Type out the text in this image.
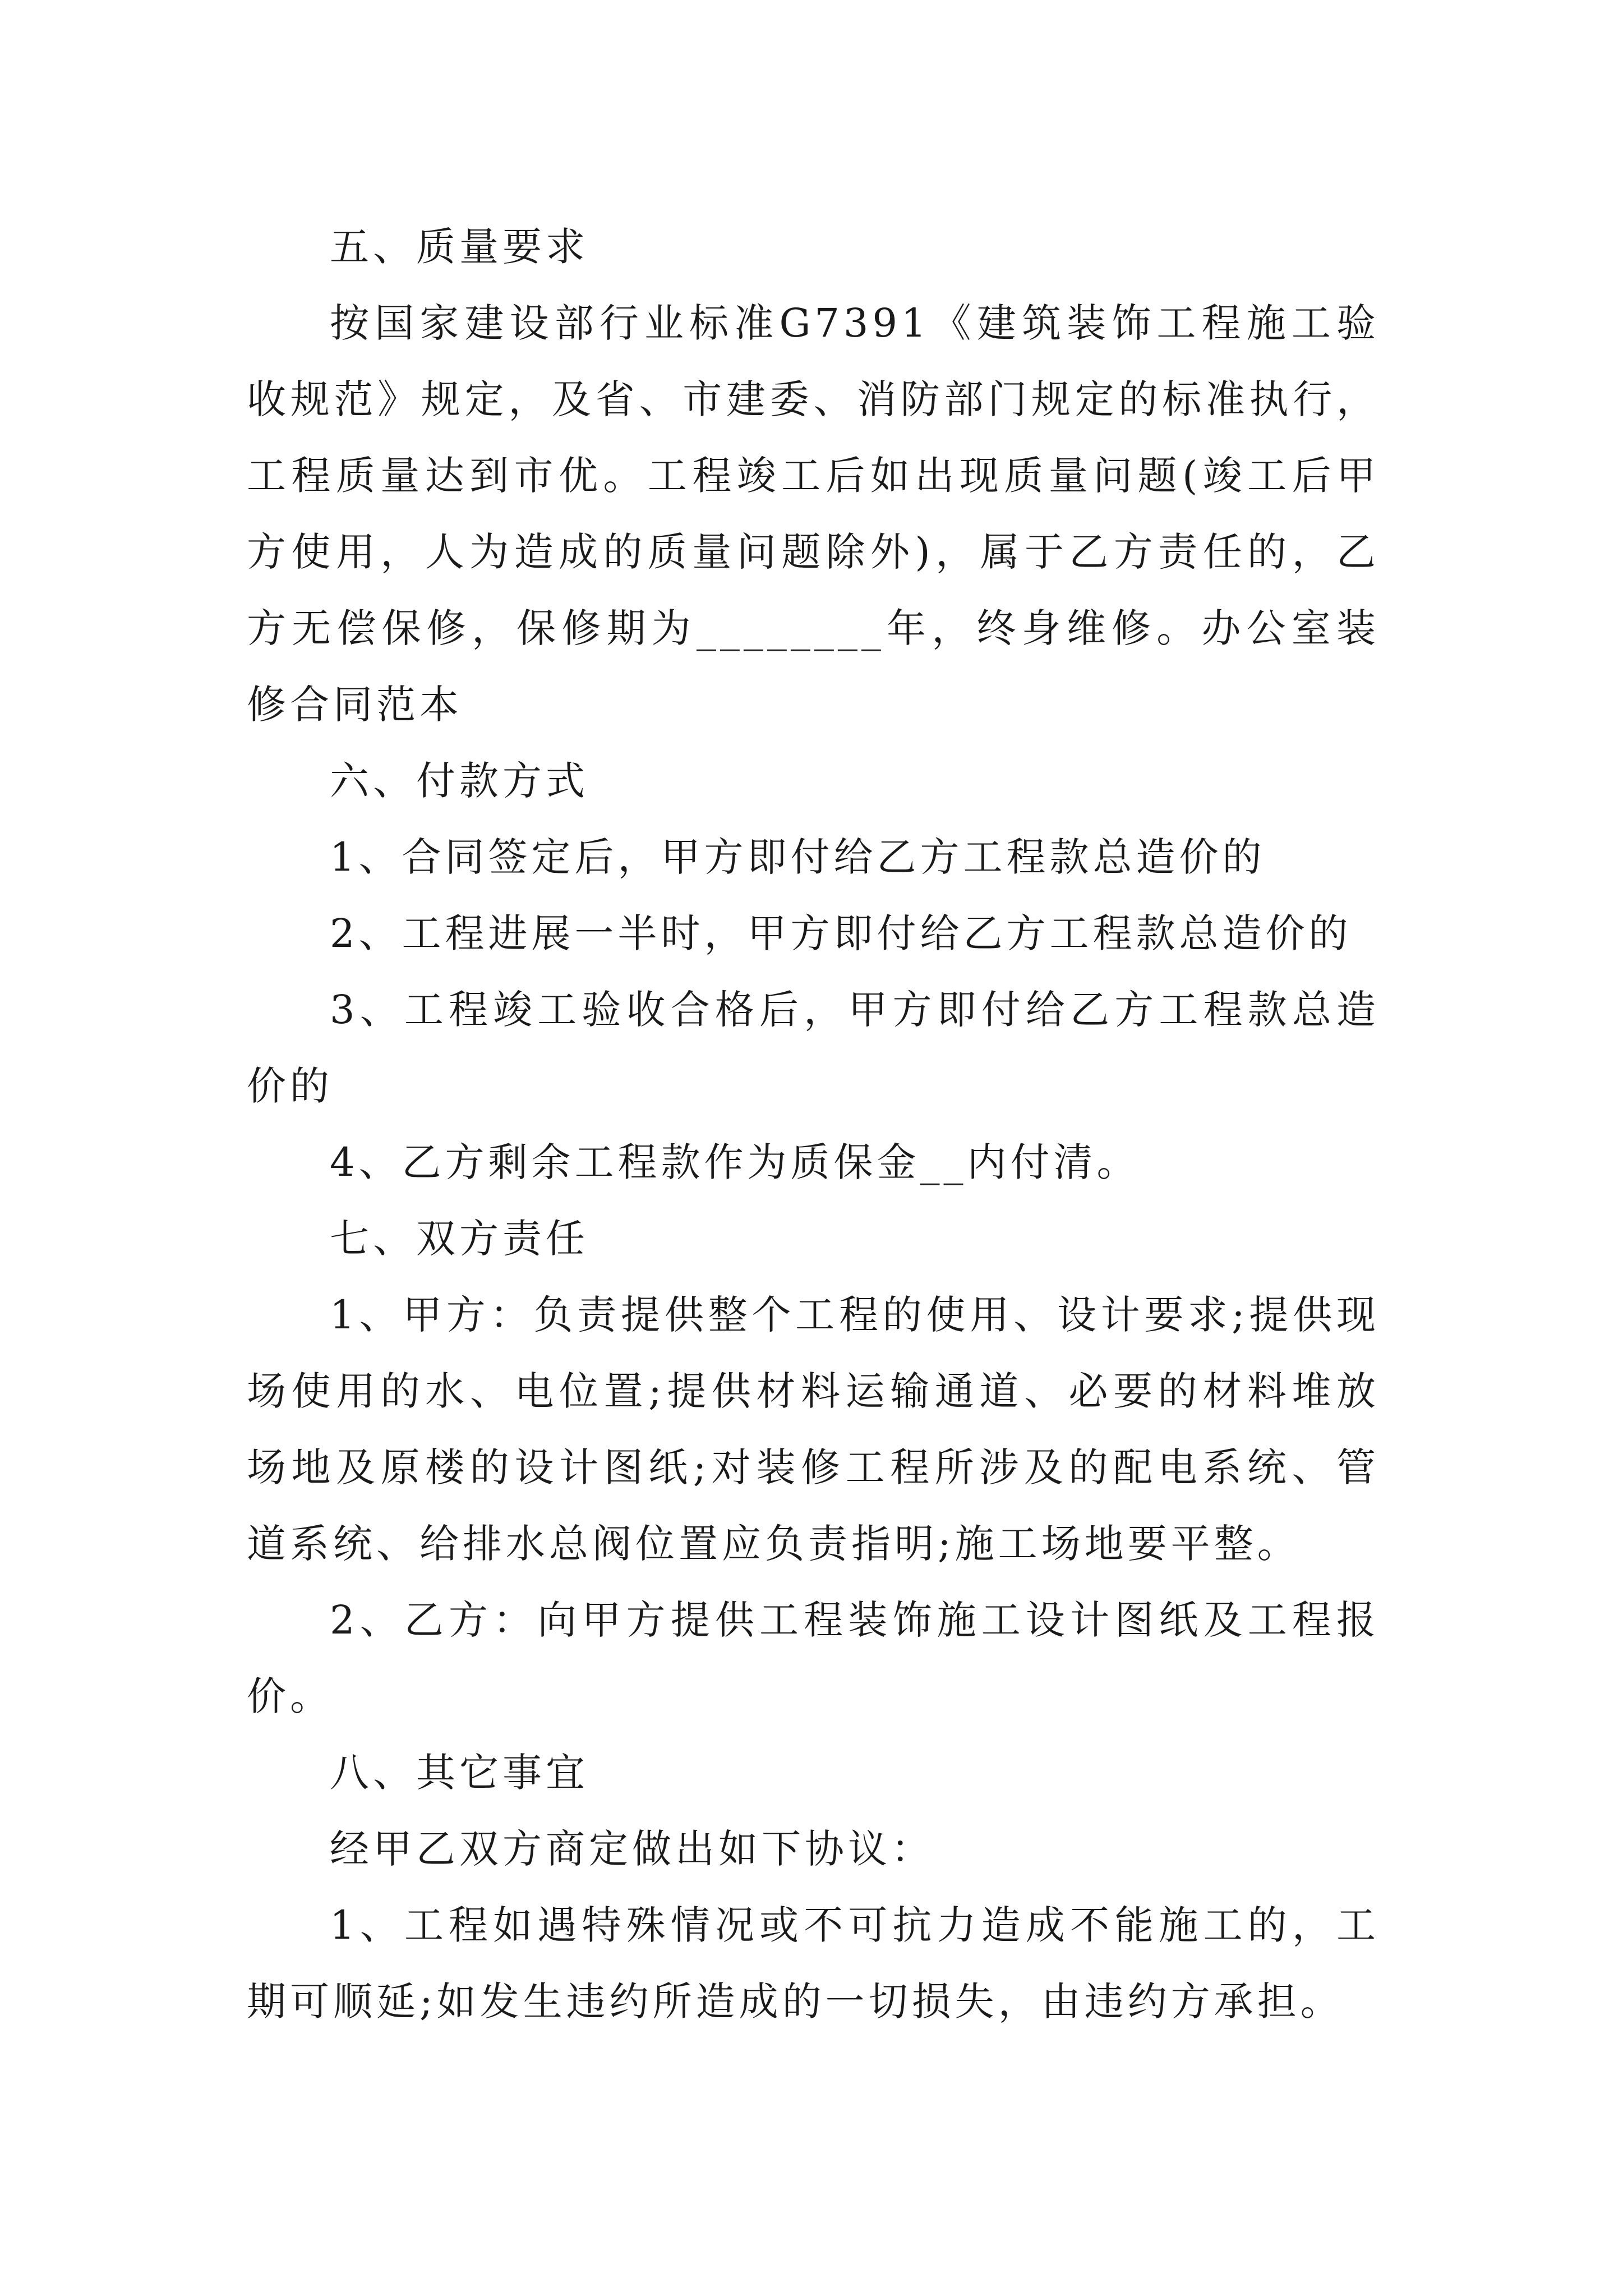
五、质量要求

按国家建设部行业标准G7391《建筑装饰工程施工验收规范》规定，及省、市建委、消防部门规定的标准执行，工程质量达到市优。工程竣工后如出现质量问题(竣工后甲方使用，人为造成的质量问题除外)，属于乙方责任的，乙方无偿保修，保修期为________年，终身维修。办公室装修合同范本

六、付款方式

1、合同签定后，甲方即付给乙方工程款总造价的

2、工程进展一半时，甲方即付给乙方工程款总造价的

3、工程竣工验收合格后，甲方即付给乙方工程款总造价的

4、乙方剩余工程款作为质保金__内付清。

七、双方责任

1、甲方：负责提供整个工程的使用、设计要求;提供现场使用的水、电位置;提供材料运输通道、必要的材料堆放场地及原楼的设计图纸;对装修工程所涉及的配电系统、管道系统、给排水总阀位置应负责指明;施工场地要平整。

2、乙方：向甲方提供工程装饰施工设计图纸及工程报价。

八、其它事宜

经甲乙双方商定做出如下协议：

1、工程如遇特殊情况或不可抗力造成不能施工的，工期可顺延;如发生违约所造成的一切损失，由违约方承担。
